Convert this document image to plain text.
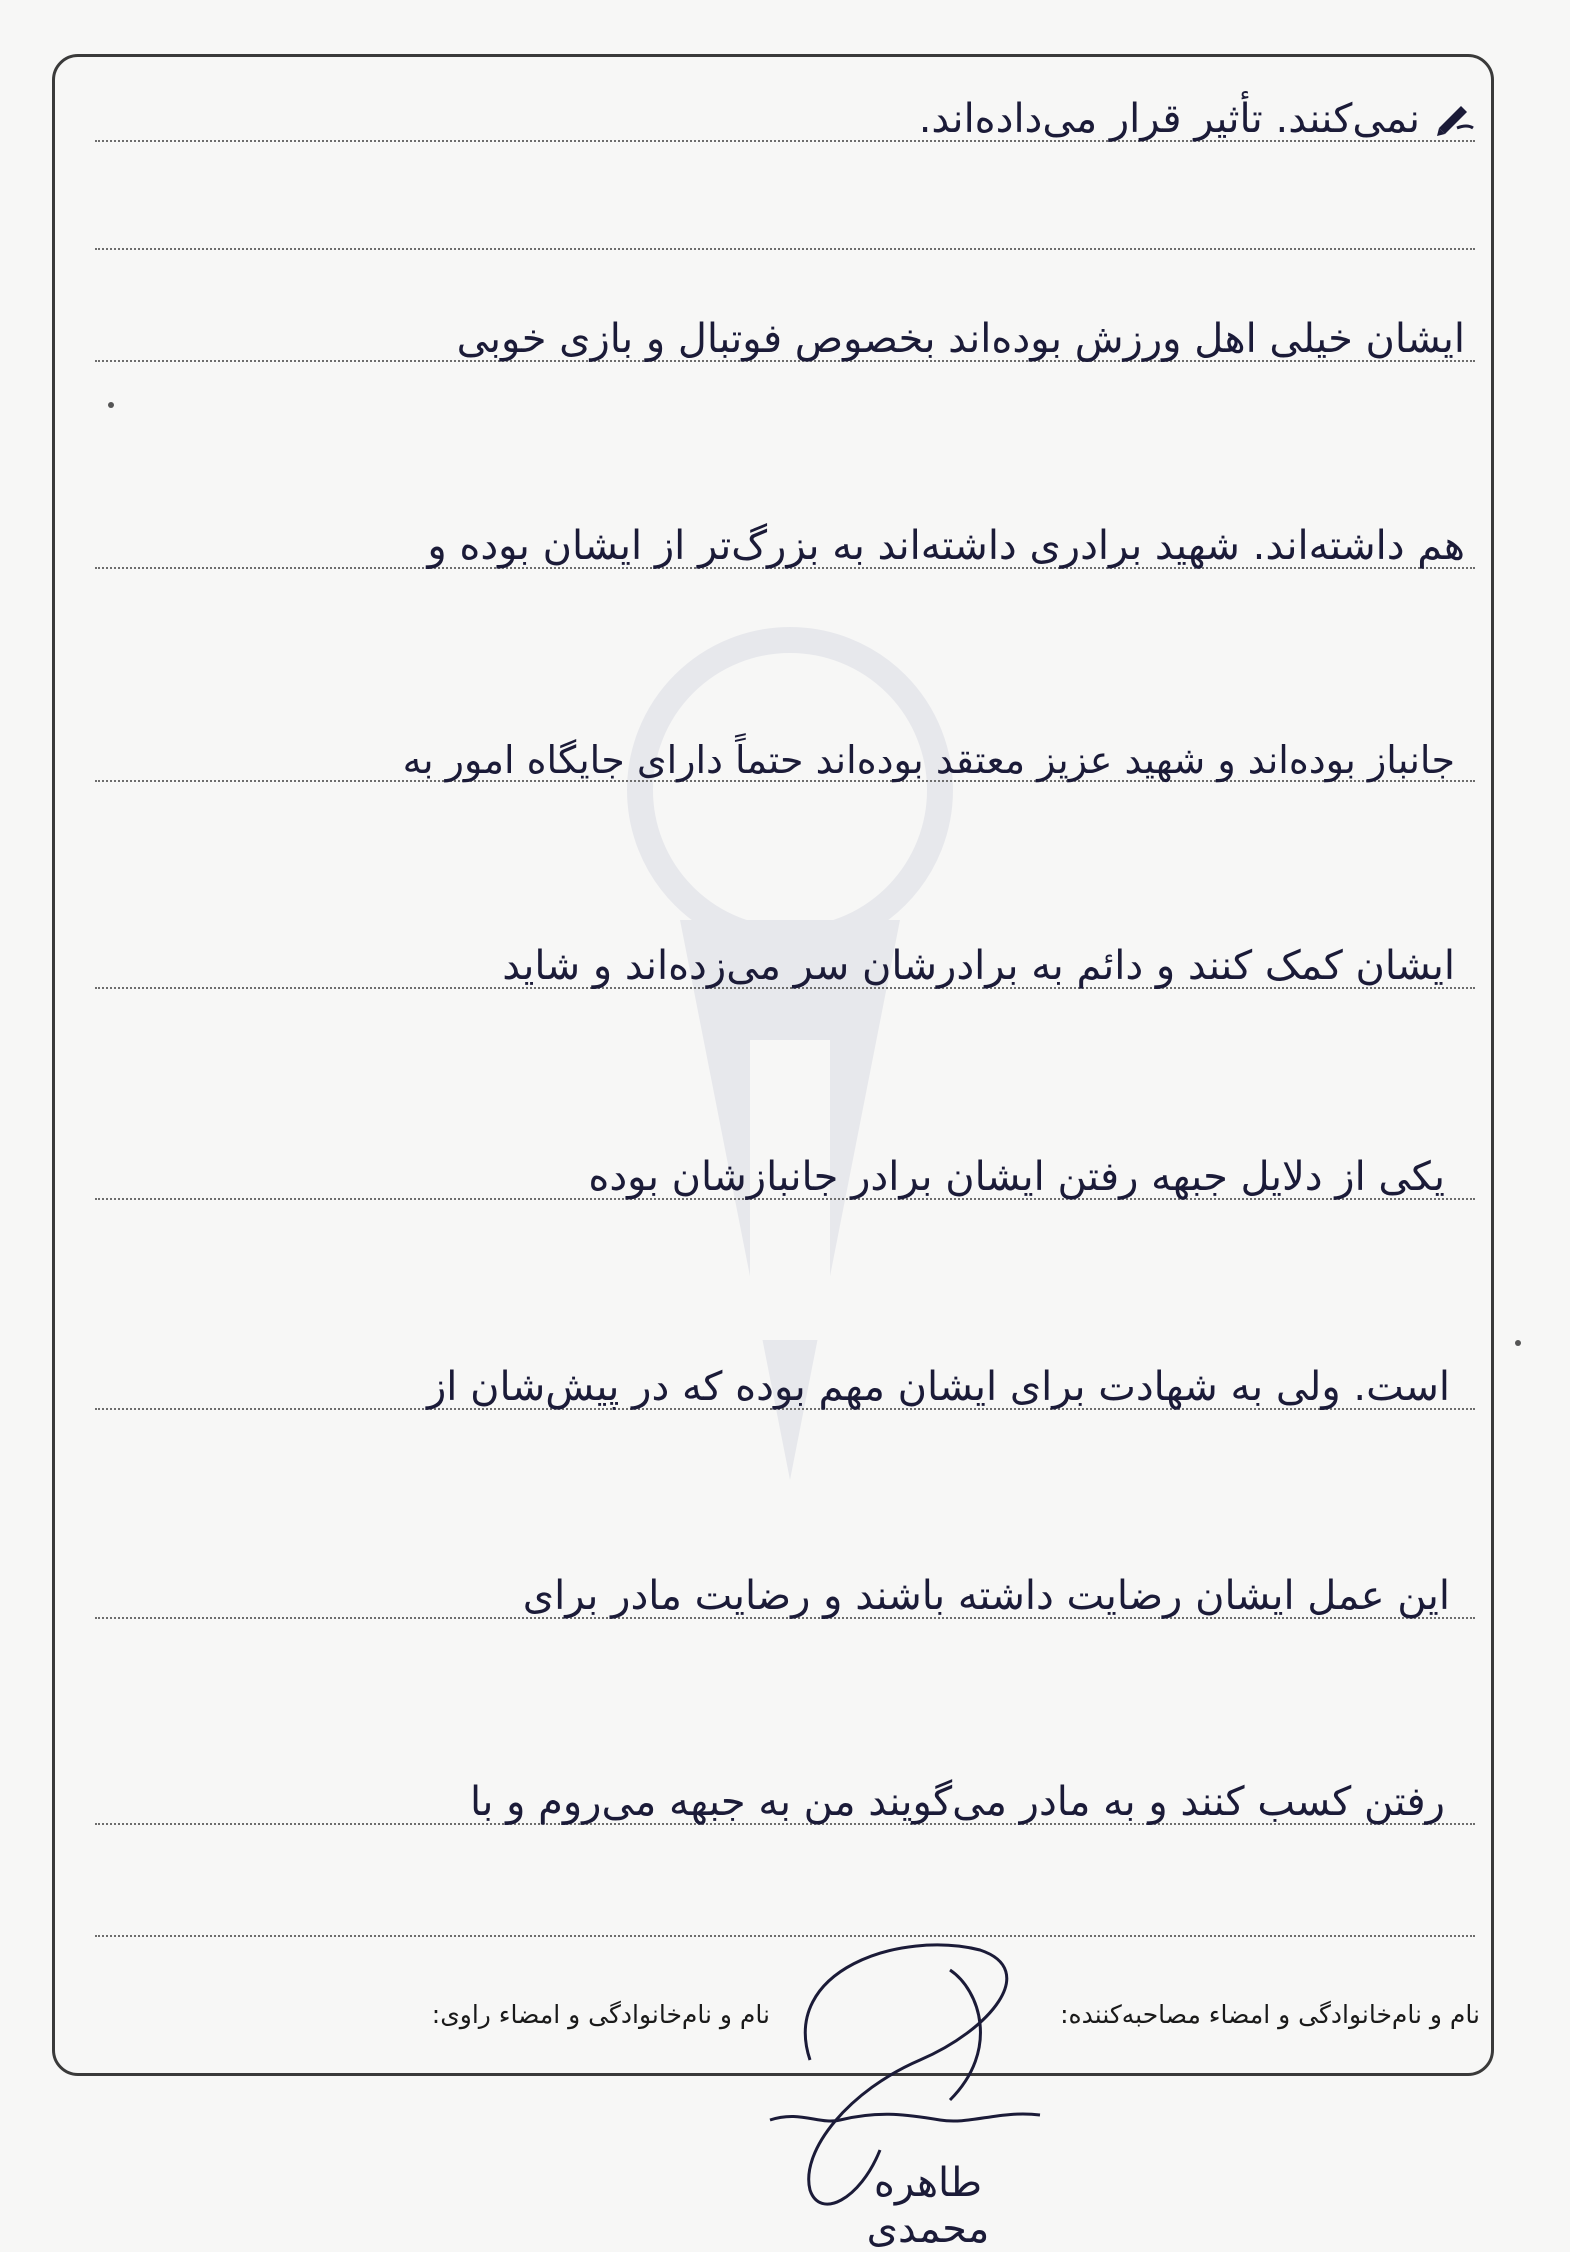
نمی‌کنند. تأثیر قرار می‌داده‌اند.
ایشان خیلی اهل ورزش بوده‌اند بخصوص فوتبال و بازی خوبی
هم داشته‌اند. شهید برادری داشته‌اند به بزرگ‌تر از ایشان بوده و
جانباز بوده‌اند و شهید عزیز معتقد بوده‌اند حتماً دارای جایگاه امور به
ایشان کمک کنند و دائم به برادرشان سر می‌زده‌اند و شاید
یکی از دلایل جبهه رفتن ایشان برادر جانبازشان بوده
است. ولی به شهادت برای ایشان مهم بوده که در پیش‌شان از
این عمل ایشان رضایت داشته باشند و رضایت مادر برای
رفتن کسب کنند و به مادر می‌گویند من به جبهه می‌روم و با
نام و نام‌خانوادگی و امضاء مصاحبه‌کننده:
نام و نام‌خانوادگی و امضاء راوی:
طاهره محمدی
